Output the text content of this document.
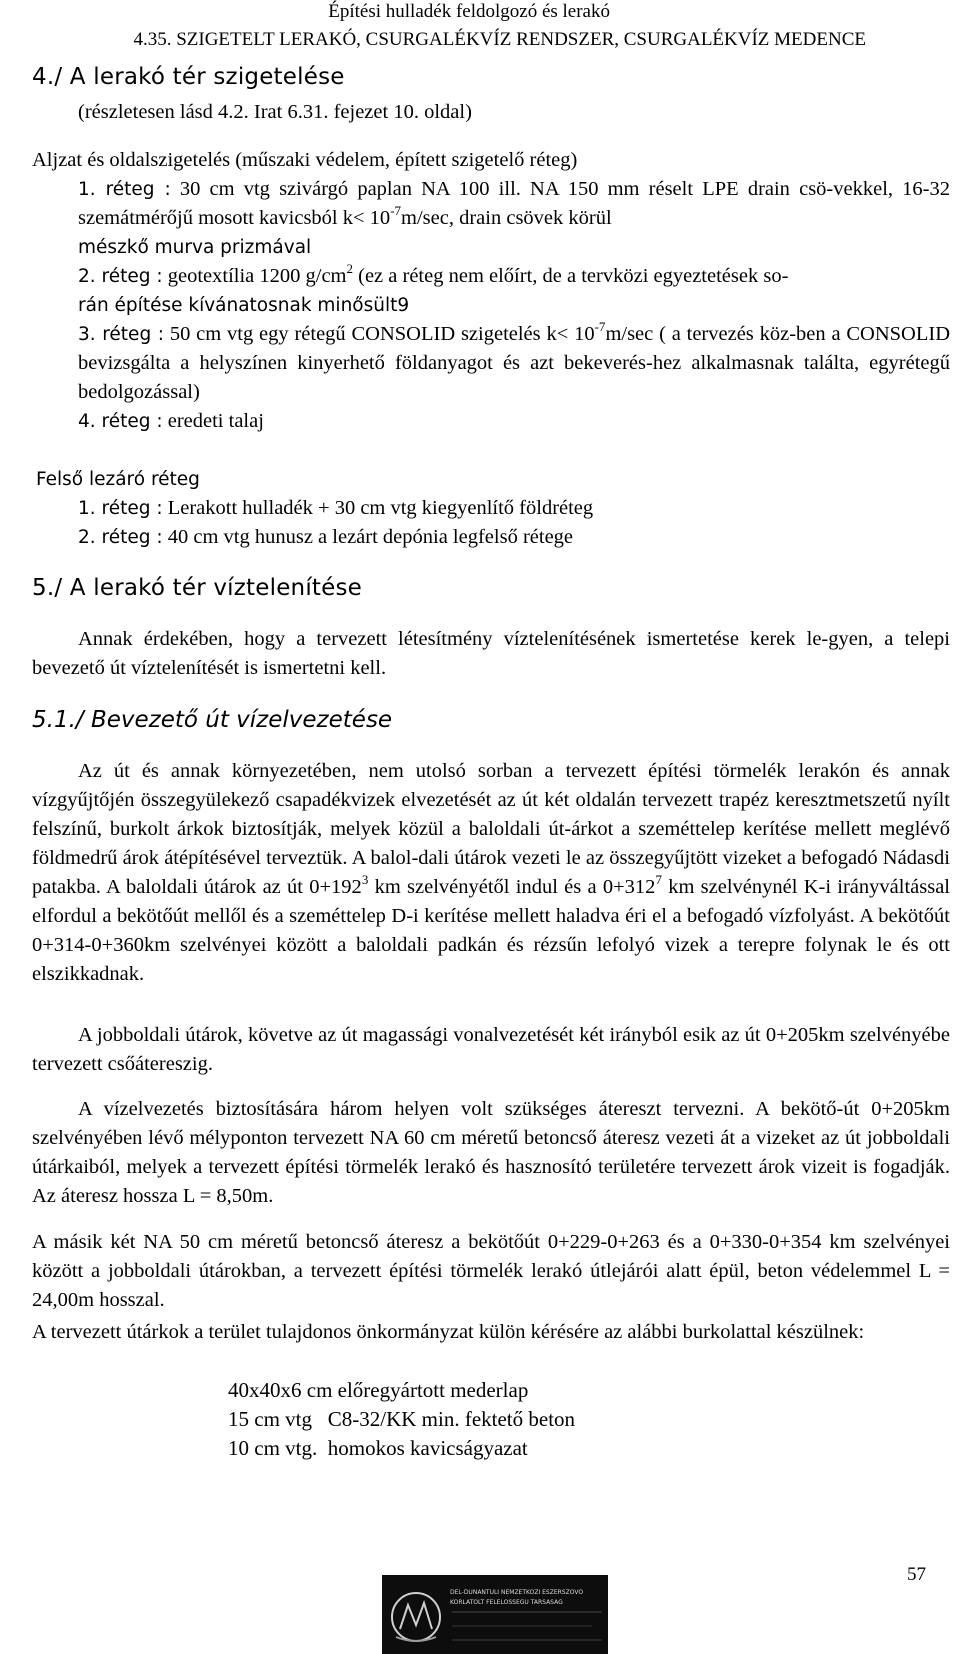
Építési hulladék feldolgozó és lerakó
4.35. SZIGETELT LERAKÓ, CSURGALÉKVÍZ RENDSZER, CSURGALÉKVÍZ MEDENCE
4./ A lerakó tér szigetelése
(részletesen lásd 4.2. Irat 6.31. fejezet 10. oldal)
Aljzat és oldalszigetelés (műszaki védelem, épített szigetelő réteg)
1. réteg : 30 cm vtg szivárgó paplan NA 100 ill. NA 150 mm réselt LPE drain csö-vekkel, 16-32 szemátmérőjű mosott kavicsból $k< 10^{-7}m/\sec$, drain csövek körül
mészkő murva prizmával
2. réteg : geotextília 1200 $g/cm^2$ (ez a réteg nem előírt, de a tervközi egyeztetések so-
rán építése kívánatosnak minősült9
3. réteg : 50 cm vtg egy rétegű CONSOLID szigetelés $k< 10^{-7}m/\sec$ ( a tervezés köz-ben a CONSOLID bevizsgálta a helyszínen kinyerhető földanyagot és azt bekeverés-hez alkalmasnak találta, egyrétegű bedolgozással)
4. réteg : eredeti talaj
Felső lezáró réteg
1. réteg : Lerakott hulladék + 30 cm vtg kiegyenlítő földréteg
2. réteg : 40 cm vtg hunusz a lezárt depónia legfelső rétege
5./ A lerakó tér víztelenítése

Annak érdekében, hogy a tervezett létesítmény víztelenítésének ismertetése kerek le-gyen, a telepi bevezető út víztelenítését is ismertetni kell.

5.1./ Bevezető út vízelvezetése

Az út és annak környezetében, nem utolsó sorban a tervezett építési törmelék lerakón és annak vízgyűjtőjén összegyülekező csapadékvizek elvezetését az út két oldalán tervezett trapéz keresztmetszetű nyílt felszínű, burkolt árkok biztosítják, melyek közül a baloldali út-árkot a szeméttelep kerítése mellett meglévő földmedrű árok átépítésével terveztük. A balol-dali útárok vezeti le az összegyűjtött vizeket a befogadó Nádasdi patakba. A baloldali útárok az út $0+192^3$ km szelvényétől indul és a $0+312^7$ km szelvénynél K-i irányváltással elfordul a bekötőút mellől és a szeméttelep D-i kerítése mellett haladva éri el a befogadó vízfolyást. A bekötőút 0+314-0+360km szelvényei között a baloldali padkán és rézsűn lefolyó vizek a terepre folynak le és ott elszikkadnak.

A jobboldali útárok, követve az út magassági vonalvezetését két irányból esik az út 0+205km szelvényébe tervezett csőátereszig.

A vízelvezetés biztosítására három helyen volt szükséges átereszt tervezni. A bekötő-út 0+205km szelvényében lévő mélyponton tervezett NA 60 cm méretű betoncső áteresz vezeti át a vizeket az út jobboldali útárkaiból, melyek a tervezett építési törmelék lerakó és hasznosító területére tervezett árok vizeit is fogadják. Az áteresz hossza L = 8,50m.

A másik két NA 50 cm méretű betoncső áteresz a bekötőút 0+229-0+263 és a 0+330-0+354 km szelvényei között a jobboldali útárokban, a tervezett építési törmelék lerakó útlejárói alatt épül, beton védelemmel L = 24,00m hosszal.

A tervezett útárkok a terület tulajdonos önkormányzat külön kérésére az alábbi burkolattal készülnek:

40x40x6 cm előregyártott mederlap
15 cm vtg   C8-32/KK min. fektető beton
10 cm vtg.  homokos kavicságyazat
57
DEL-DUNANTULI NEMZETKOZI ESZERSZOVO
KORLATOLT FELELOSSEGU TARSASAG
